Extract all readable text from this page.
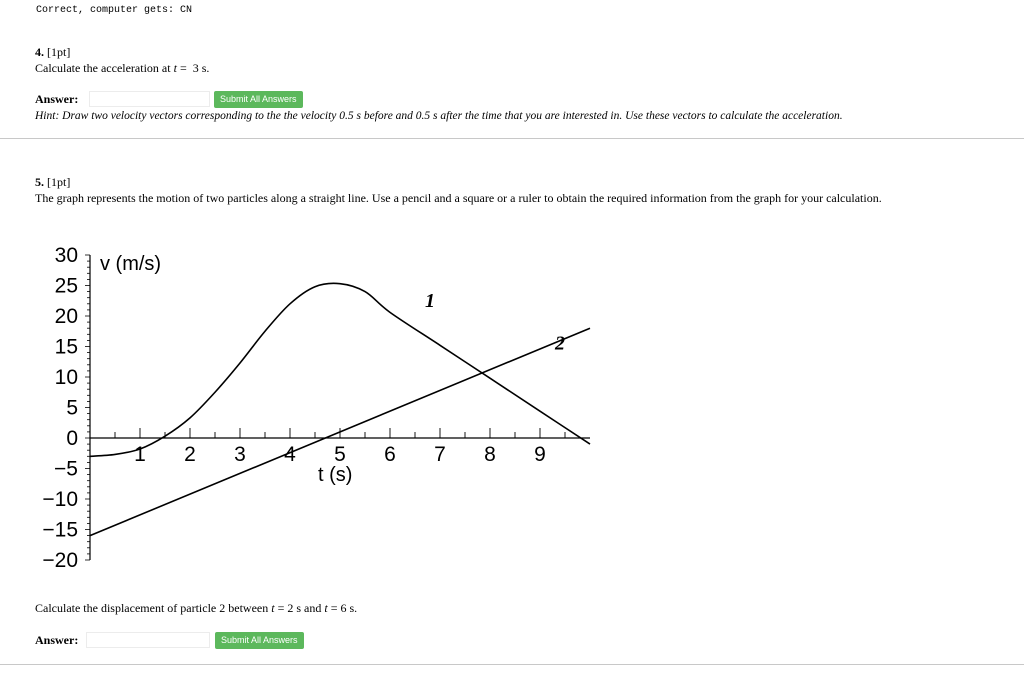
Correct, computer gets: CN
4. [1pt]
Calculate the acceleration at t = 3 s.
Answer:	Submit All Answers
Hint: Draw two velocity vectors corresponding to the the velocity 0.5 s before and 0.5 s after the time that you are interested in. Use these vectors to calculate the acceleration.
5. [1pt]
The graph represents the motion of two particles along a straight line. Use a pencil and a square or a ruler to obtain the required information from the graph for your calculation.
30
25
20
15
10
5
0
−5
−10
−15
−20
1 2 3 4 5 6 7 8 9
v (m/s)
t (s)
1
2
Calculate the displacement of particle 2 between t = 2 s and t = 6 s.
Answer:	Submit All Answers
